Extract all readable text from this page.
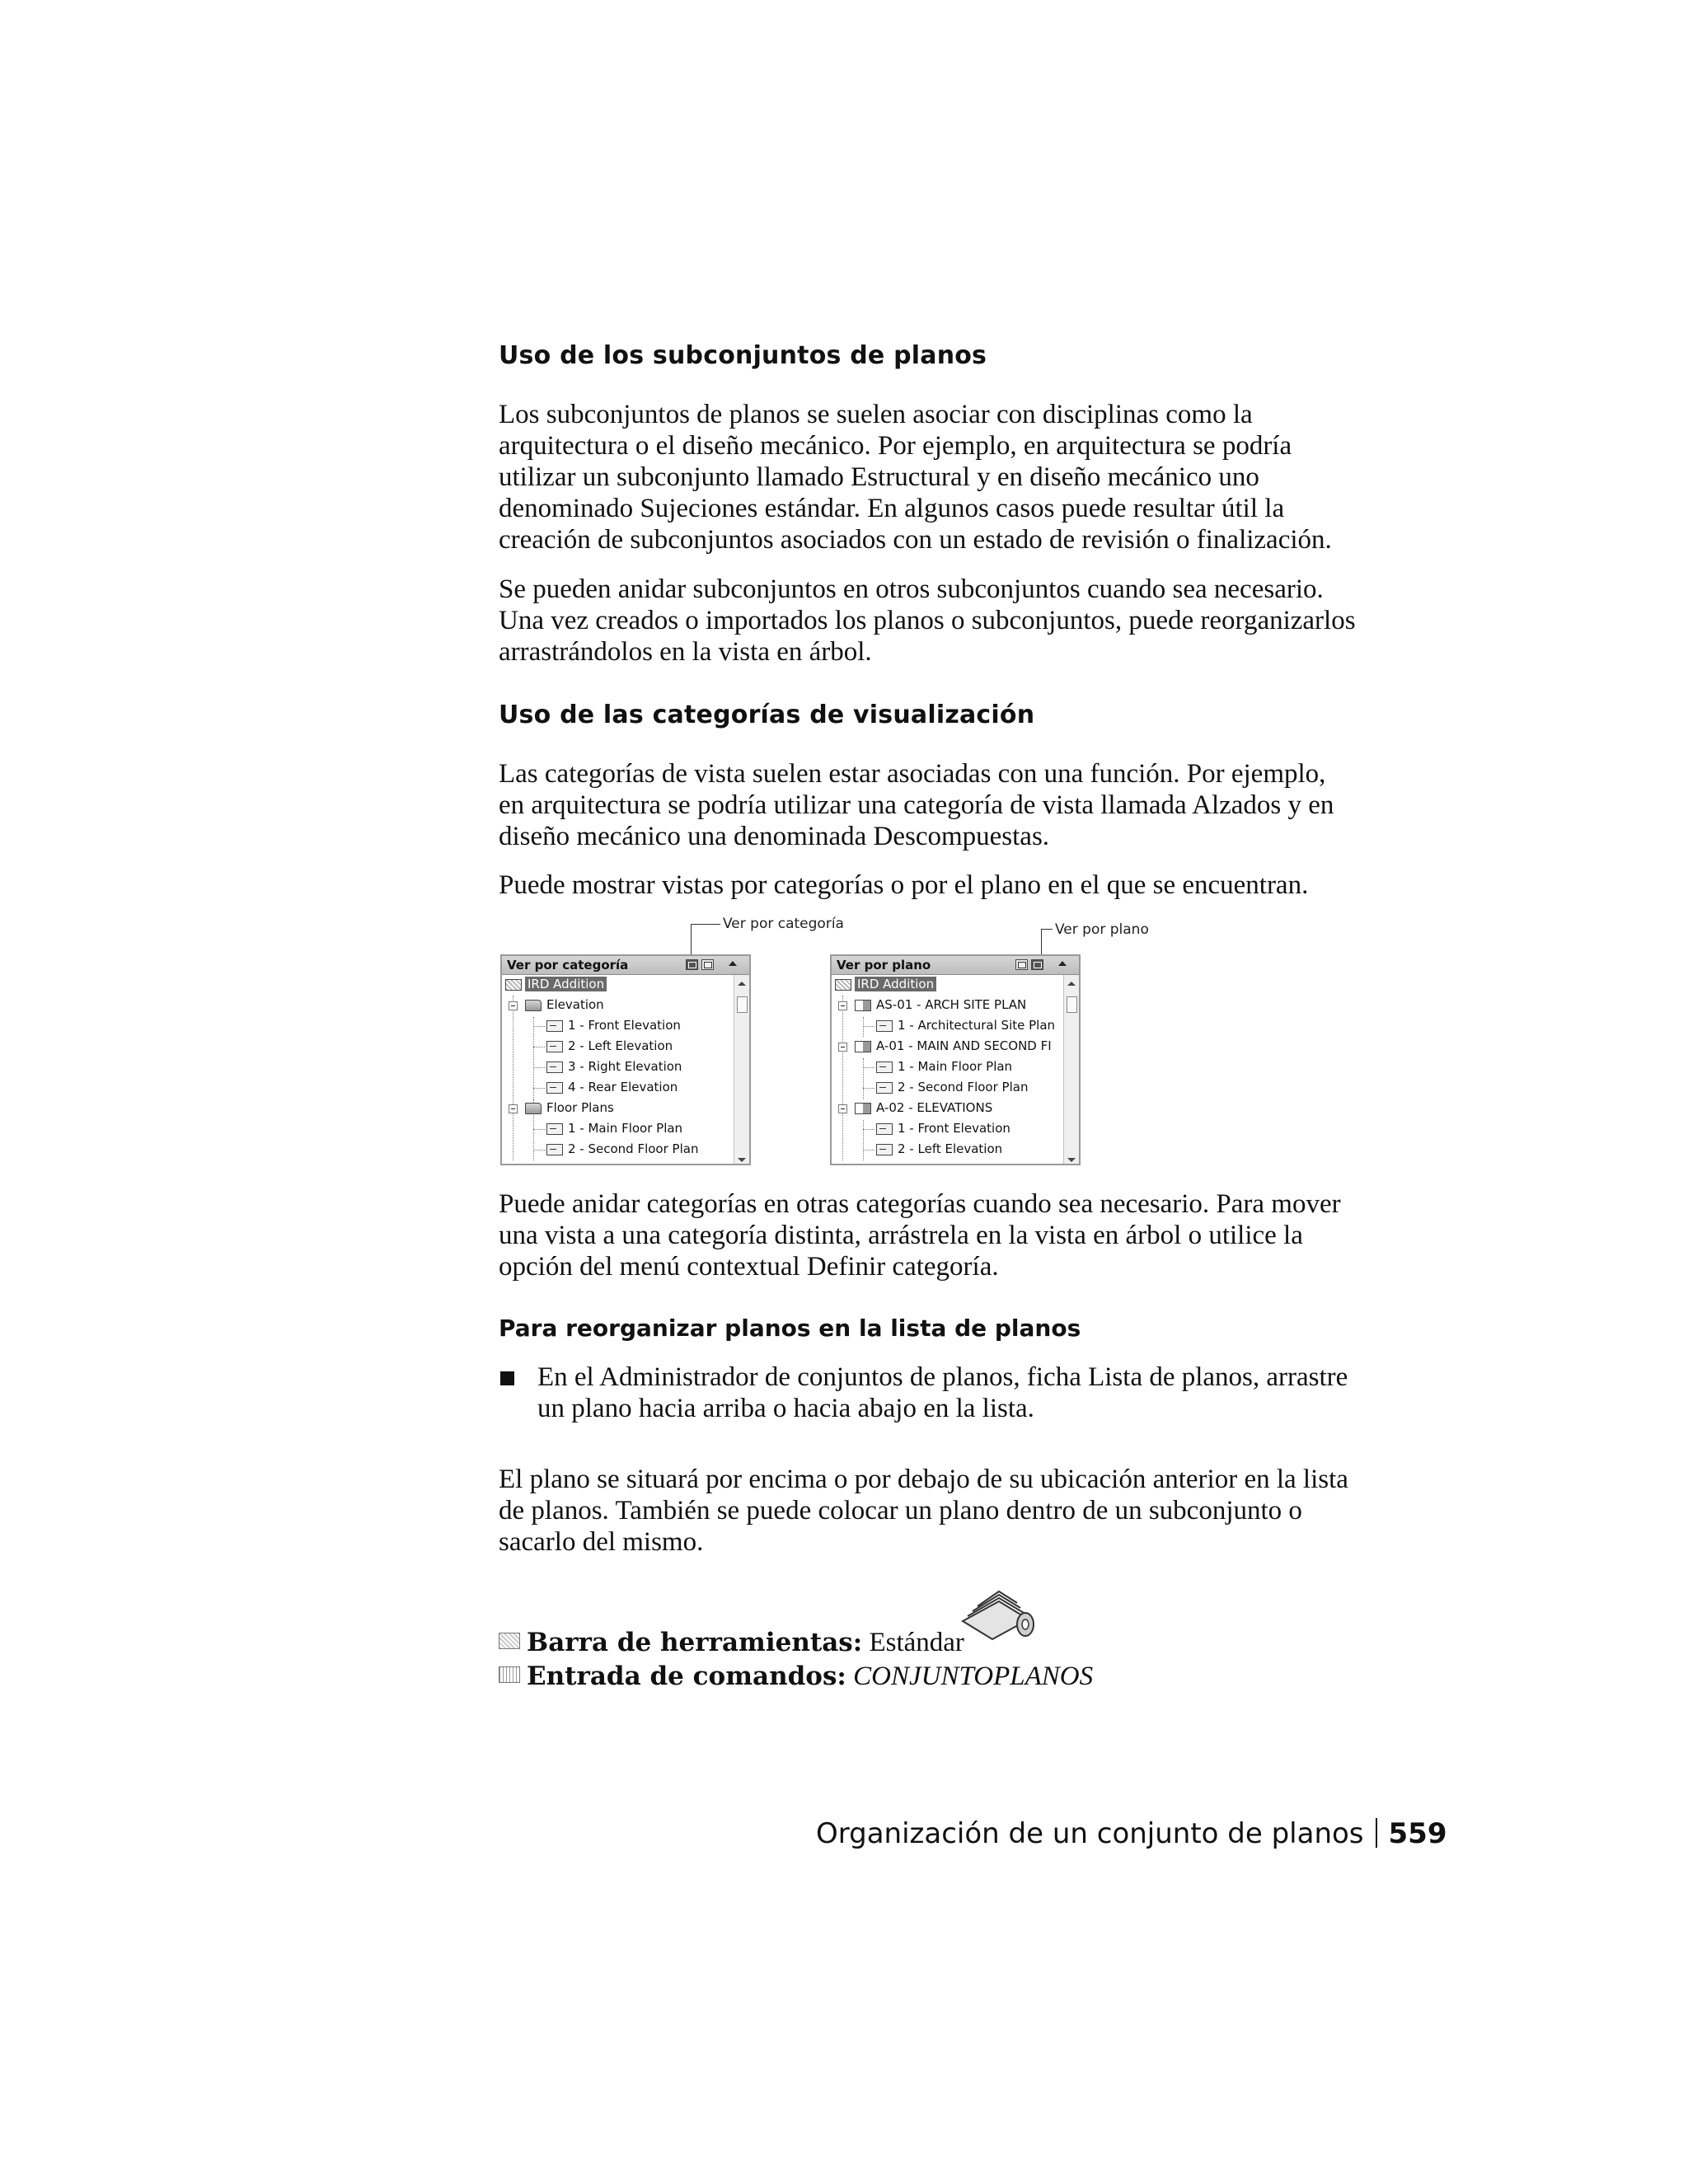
Uso de los subconjuntos de planos
Los subconjuntos de planos se suelen asociar con disciplinas como la
arquitectura o el diseño mecánico. Por ejemplo, en arquitectura se podría
utilizar un subconjunto llamado Estructural y en diseño mecánico uno
denominado Sujeciones estándar. En algunos casos puede resultar útil la
creación de subconjuntos asociados con un estado de revisión o finalización.
Se pueden anidar subconjuntos en otros subconjuntos cuando sea necesario.
Una vez creados o importados los planos o subconjuntos, puede reorganizarlos
arrastrándolos en la vista en árbol.
Uso de las categorías de visualización
Las categorías de vista suelen estar asociadas con una función. Por ejemplo,
en arquitectura se podría utilizar una categoría de vista llamada Alzados y en
diseño mecánico una denominada Descompuestas.
Puede mostrar vistas por categorías o por el plano en el que se encuentran.
Ver por categoría	Ver por plano
Ver por categoría
IRD Addition
Elevation
1 - Front Elevation
2 - Left Elevation
3 - Right Elevation
4 - Rear Elevation
Floor Plans
1 - Main Floor Plan
2 - Second Floor Plan
Ver por plano
IRD Addition
AS-01 - ARCH SITE PLAN
1 - Architectural Site Plan
A-01 - MAIN AND SECOND FI
1 - Main Floor Plan
2 - Second Floor Plan
A-02 - ELEVATIONS
1 - Front Elevation
2 - Left Elevation
Puede anidar categorías en otras categorías cuando sea necesario. Para mover
una vista a una categoría distinta, arrástrela en la vista en árbol o utilice la
opción del menú contextual Definir categoría.
Para reorganizar planos en la lista de planos
En el Administrador de conjuntos de planos, ficha Lista de planos, arrastre
un plano hacia arriba o hacia abajo en la lista.
El plano se situará por encima o por debajo de su ubicación anterior en la lista
de planos. También se puede colocar un plano dentro de un subconjunto o
sacarlo del mismo.
Barra de herramientas: Estándar
Entrada de comandos: CONJUNTOPLANOS
Organización de un conjunto de planos 559
